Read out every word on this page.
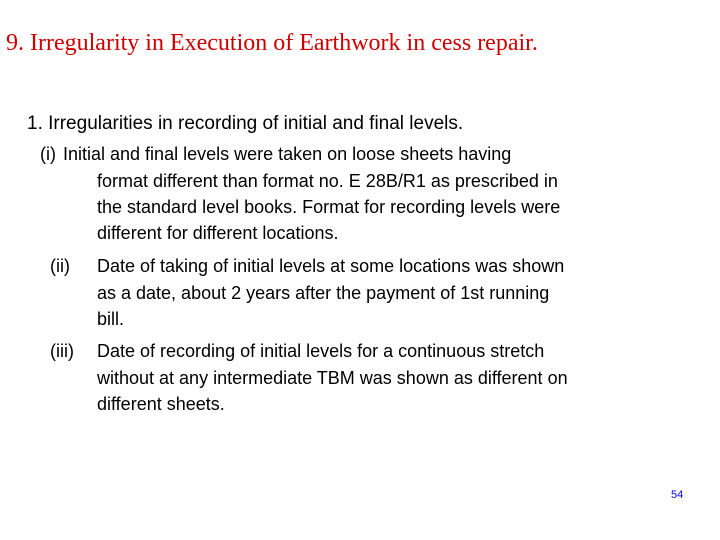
9. Irregularity in Execution of Earthwork in cess repair.
1. Irregularities in recording of initial and final levels.
(i) Initial and final levels were taken on loose sheets having
format different than format no. E 28B/R1 as prescribed in
the standard level books. Format for recording levels were
different for different locations.
(ii) Date of taking of initial levels at some locations was shown
as a date, about 2 years after the payment of 1st running
bill.
(iii) Date of recording of initial levels for a continuous stretch
without at any intermediate TBM was shown as different on
different sheets.
54
